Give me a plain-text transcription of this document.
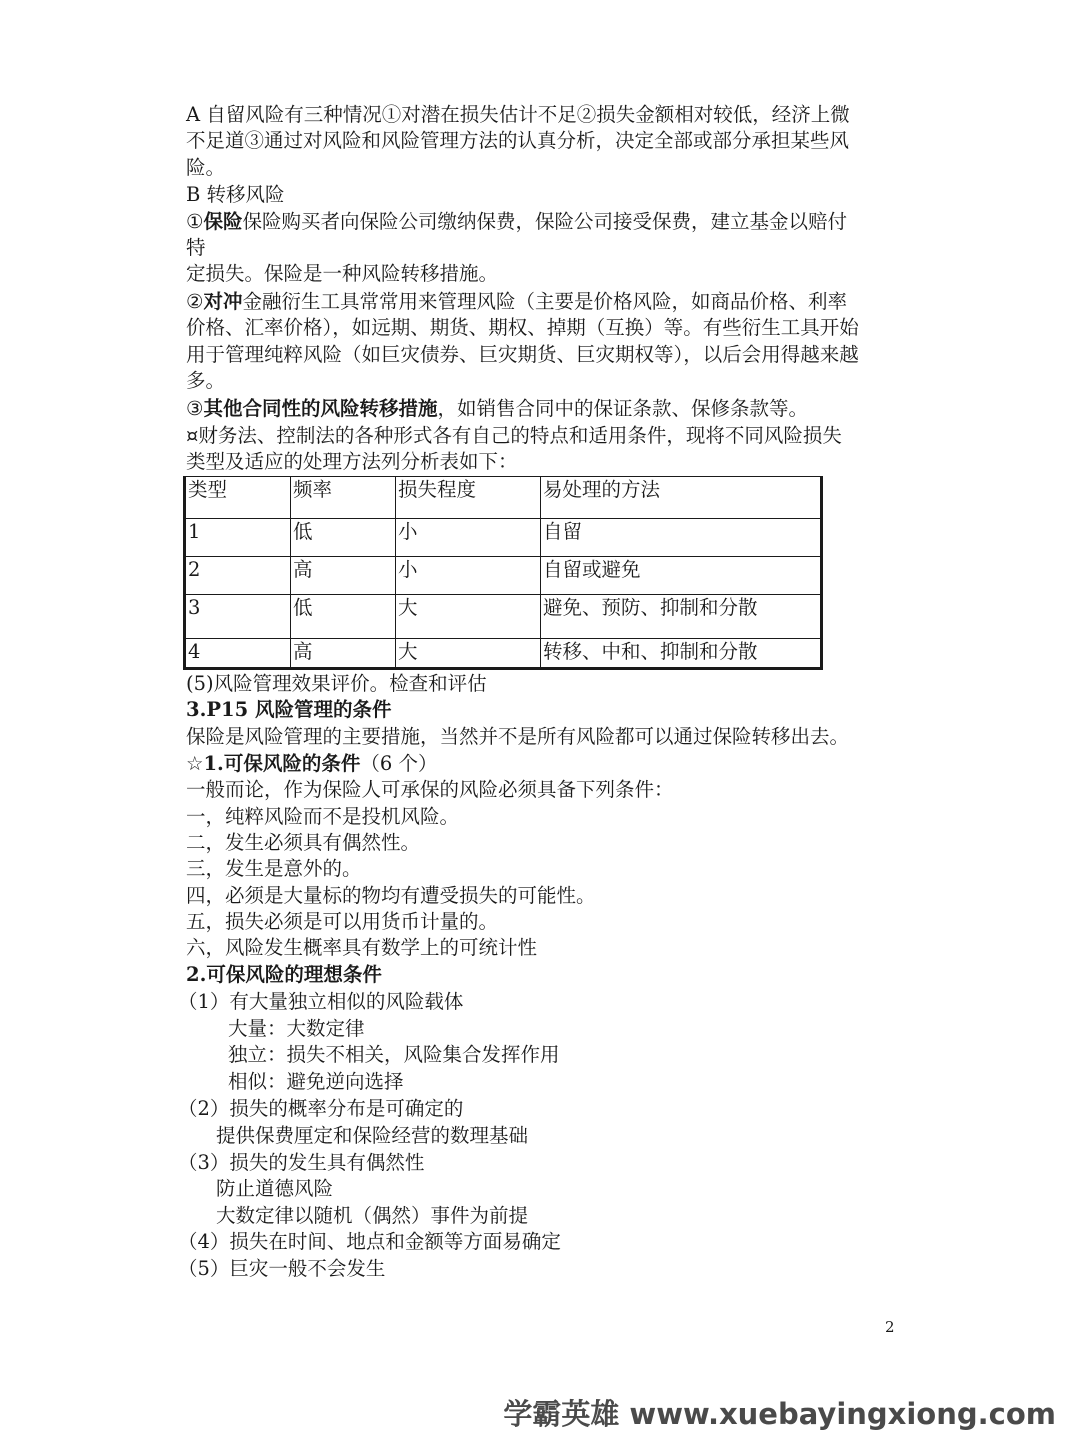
A 自留风险有三种情况①对潜在损失估计不足②损失金额相对较低，经济上微
不足道③通过对风险和风险管理方法的认真分析，决定全部或部分承担某些风
险。
B 转移风险
①保险保险购买者向保险公司缴纳保费，保险公司接受保费，建立基金以赔付
特
定损失。保险是一种风险转移措施。
②对冲金融衍生工具常常用来管理风险（主要是价格风险，如商品价格、利率
价格、汇率价格），如远期、期货、期权、掉期（互换）等。有些衍生工具开始
用于管理纯粹风险（如巨灾债券、巨灾期货、巨灾期权等），以后会用得越来越
多。
③其他合同性的风险转移措施，如销售合同中的保证条款、保修条款等。
¤财务法、控制法的各种形式各有自己的特点和适用条件，现将不同风险损失
类型及适应的处理方法列分析表如下：
类型	频率	损失程度	易处理的方法
1	低	小	自留
2	高	小	自留或避免
3	低	大	避免、预防、抑制和分散
4	高	大	转移、中和、抑制和分散
(5)风险管理效果评价。检查和评估
3.P15 风险管理的条件
保险是风险管理的主要措施，当然并不是所有风险都可以通过保险转移出去。
☆1.可保风险的条件（6 个）
一般而论，作为保险人可承保的风险必须具备下列条件：
一，纯粹风险而不是投机风险。
二，发生必须具有偶然性。
三，发生是意外的。
四，必须是大量标的物均有遭受损失的可能性。
五，损失必须是可以用货币计量的。
六，风险发生概率具有数学上的可统计性
2.可保风险的理想条件
（1）有大量独立相似的风险载体
大量：大数定律
独立：损失不相关，风险集合发挥作用
相似：避免逆向选择
（2）损失的概率分布是可确定的
提供保费厘定和保险经营的数理基础
（3）损失的发生具有偶然性
防止道德风险
大数定律以随机（偶然）事件为前提
（4）损失在时间、地点和金额等方面易确定
（5）巨灾一般不会发生
2
学霸英雄 www.xuebayingxiong.com
